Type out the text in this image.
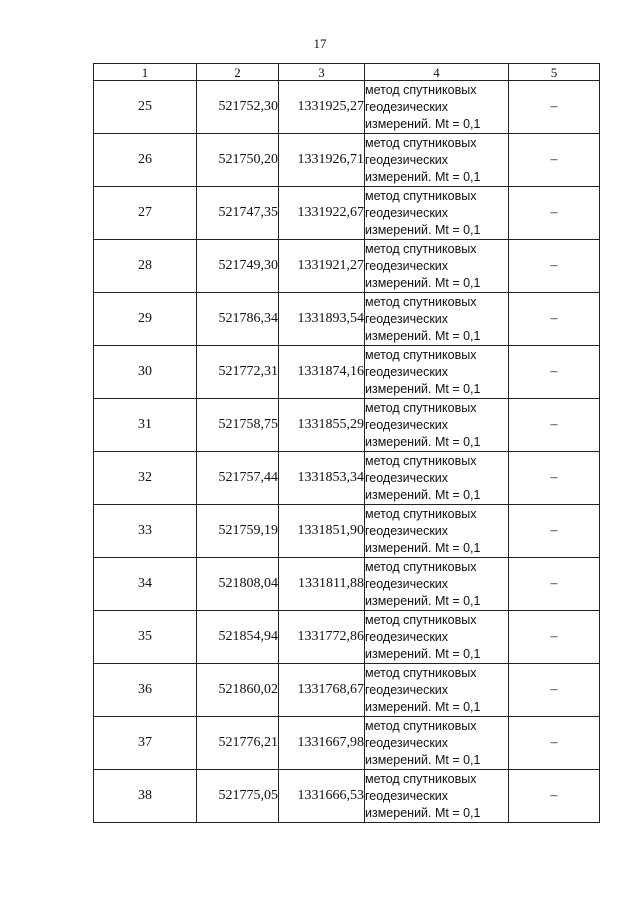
17
1	2	3	4	5
25	521752,30	1331925,27	метод спутниковых
геодезических
измерений. Mt = 0,1	–
26	521750,20	1331926,71	метод спутниковых
геодезических
измерений. Mt = 0,1	–
27	521747,35	1331922,67	метод спутниковых
геодезических
измерений. Mt = 0,1	–
28	521749,30	1331921,27	метод спутниковых
геодезических
измерений. Mt = 0,1	–
29	521786,34	1331893,54	метод спутниковых
геодезических
измерений. Mt = 0,1	–
30	521772,31	1331874,16	метод спутниковых
геодезических
измерений. Mt = 0,1	–
31	521758,75	1331855,29	метод спутниковых
геодезических
измерений. Mt = 0,1	–
32	521757,44	1331853,34	метод спутниковых
геодезических
измерений. Mt = 0,1	–
33	521759,19	1331851,90	метод спутниковых
геодезических
измерений. Mt = 0,1	–
34	521808,04	1331811,88	метод спутниковых
геодезических
измерений. Mt = 0,1	–
35	521854,94	1331772,86	метод спутниковых
геодезических
измерений. Mt = 0,1	–
36	521860,02	1331768,67	метод спутниковых
геодезических
измерений. Mt = 0,1	–
37	521776,21	1331667,98	метод спутниковых
геодезических
измерений. Mt = 0,1	–
38	521775,05	1331666,53	метод спутниковых
геодезических
измерений. Mt = 0,1	–
